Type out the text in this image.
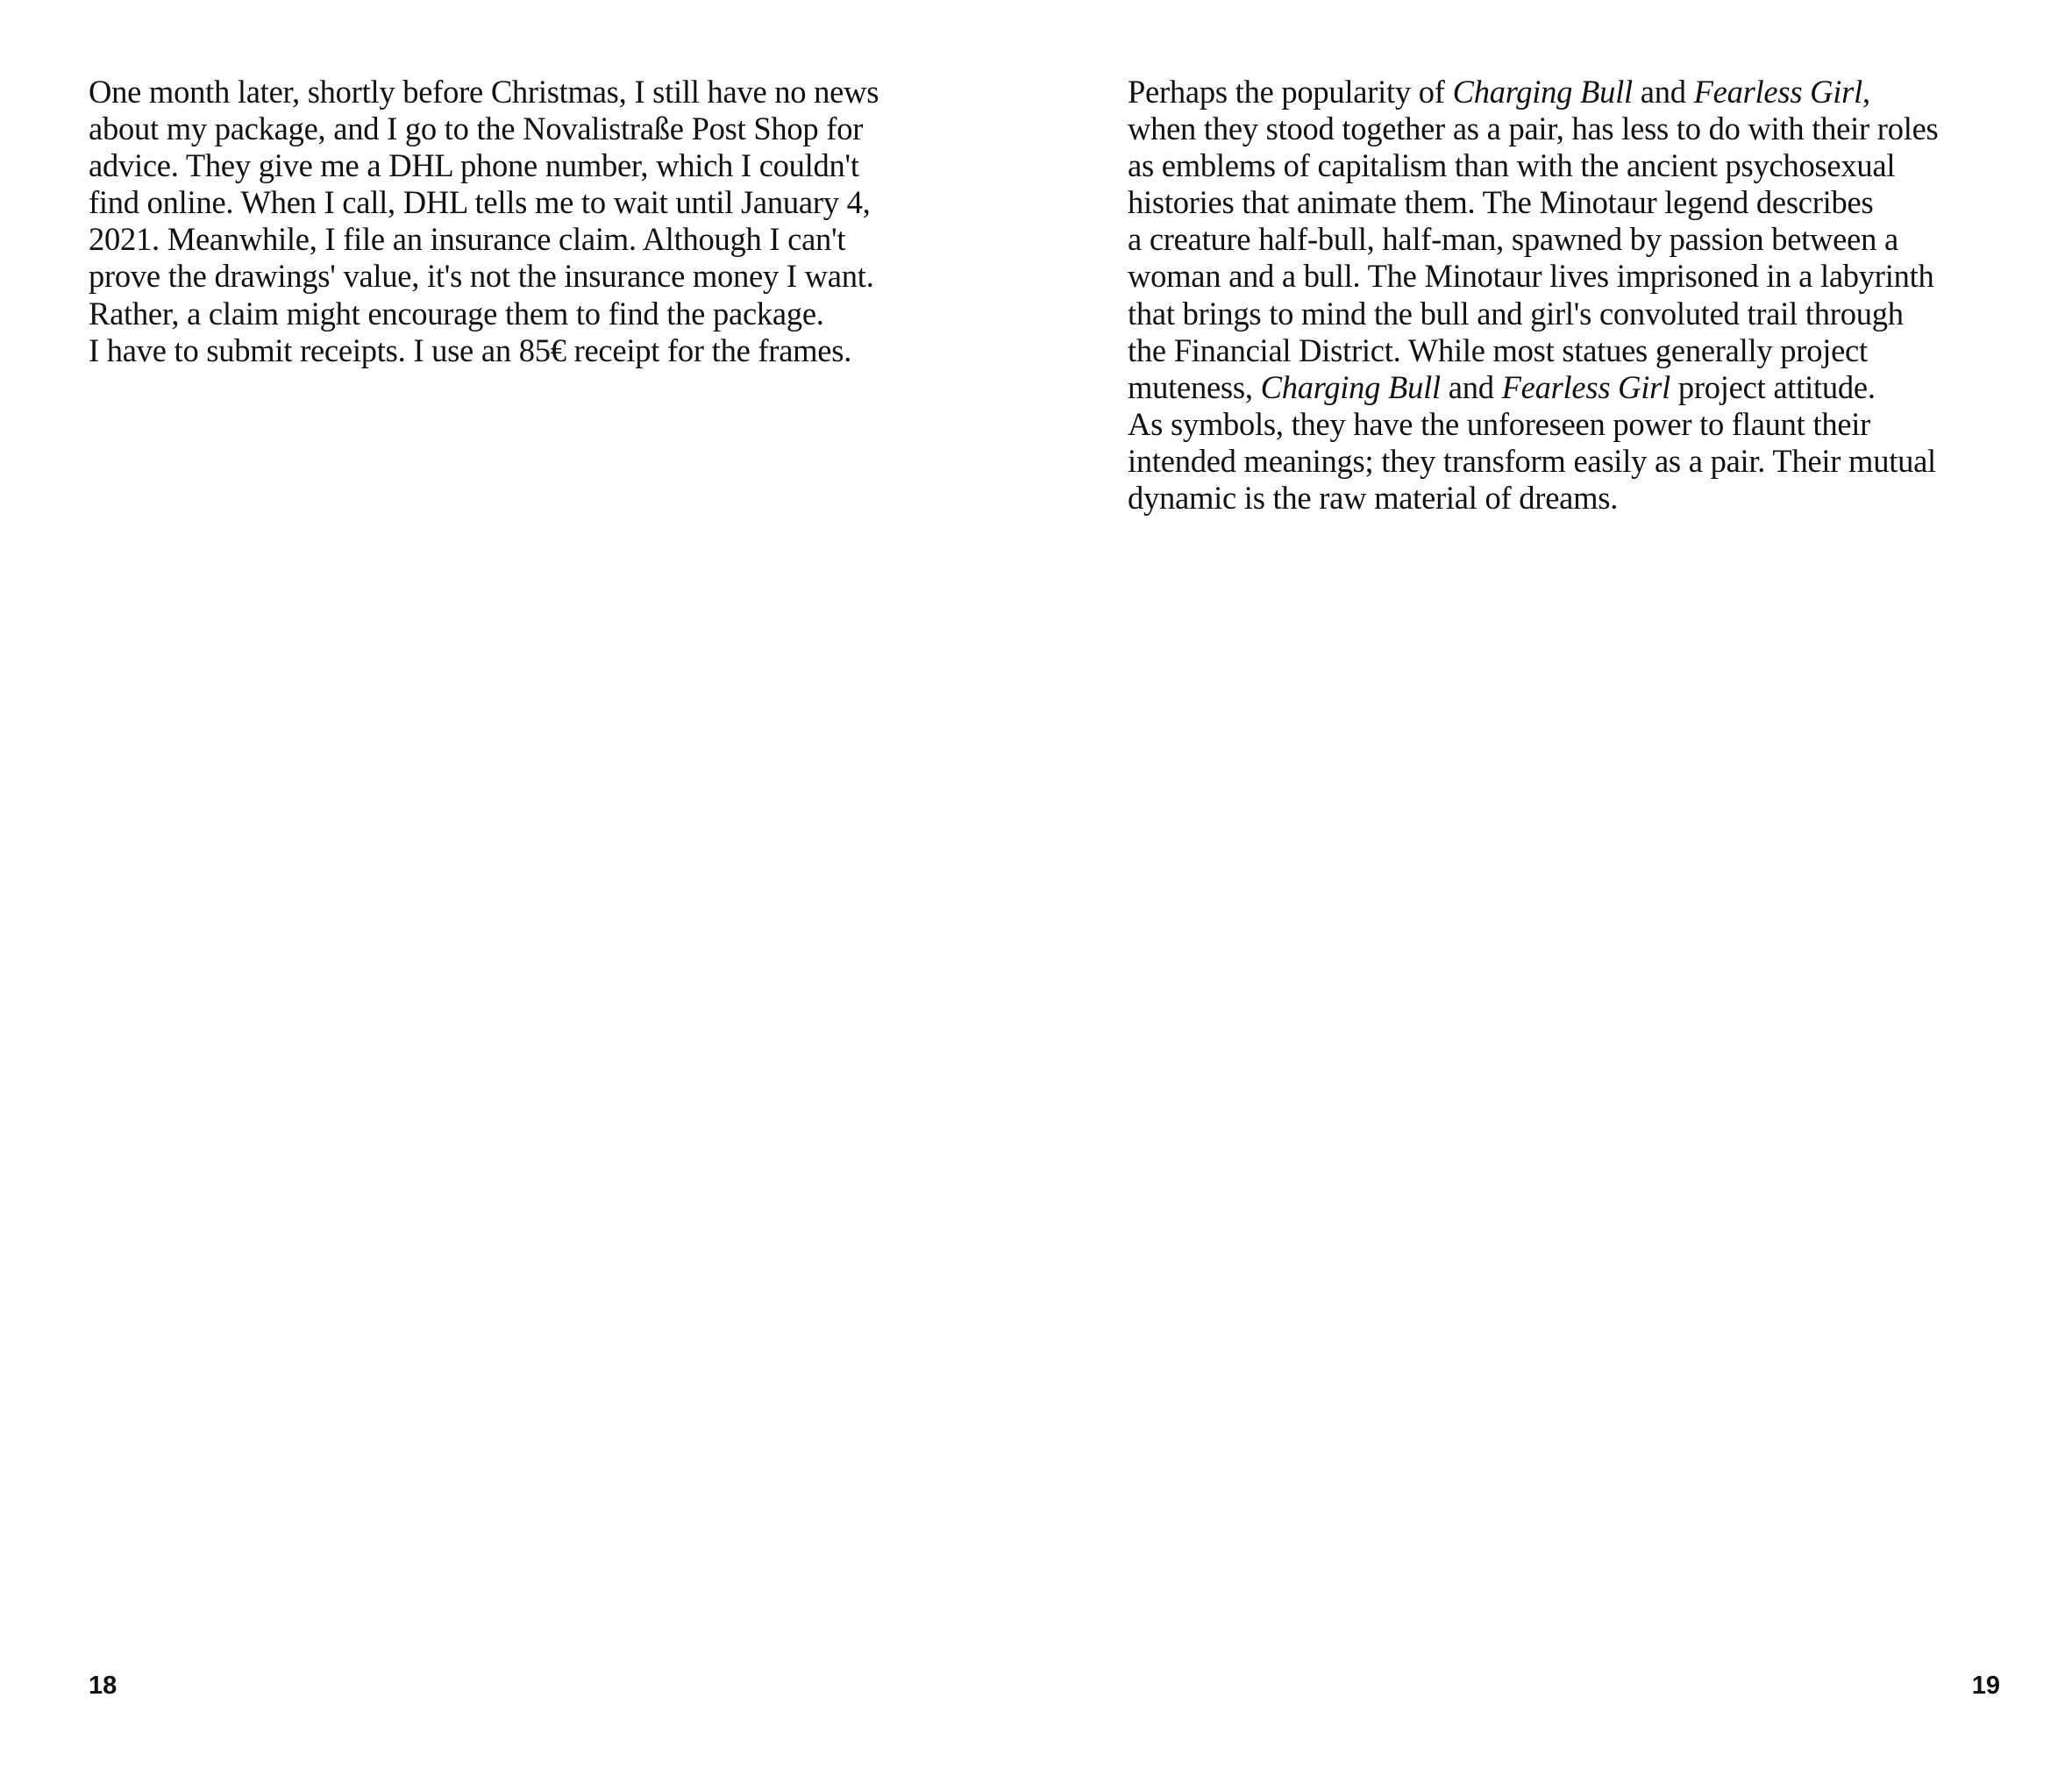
One month later, shortly before Christmas, I still have no news
about my package, and I go to the Novalistraße Post Shop for
advice. They give me a DHL phone number, which I couldn't
find online. When I call, DHL tells me to wait until January 4,
2021. Meanwhile, I file an insurance claim. Although I can't
prove the drawings' value, it's not the insurance money I want.
Rather, a claim might encourage them to find the package.
I have to submit receipts. I use an 85€ receipt for the frames.
18
Perhaps the popularity of Charging Bull and Fearless Girl,
when they stood together as a pair, has less to do with their roles
as emblems of capitalism than with the ancient psychosexual
histories that animate them. The Minotaur legend describes
a creature half-bull, half-man, spawned by passion between a
woman and a bull. The Minotaur lives imprisoned in a labyrinth
that brings to mind the bull and girl's convoluted trail through
the Financial District. While most statues generally project
muteness, Charging Bull and Fearless Girl project attitude.
As symbols, they have the unforeseen power to flaunt their
intended meanings; they transform easily as a pair. Their mutual
dynamic is the raw material of dreams.
19
